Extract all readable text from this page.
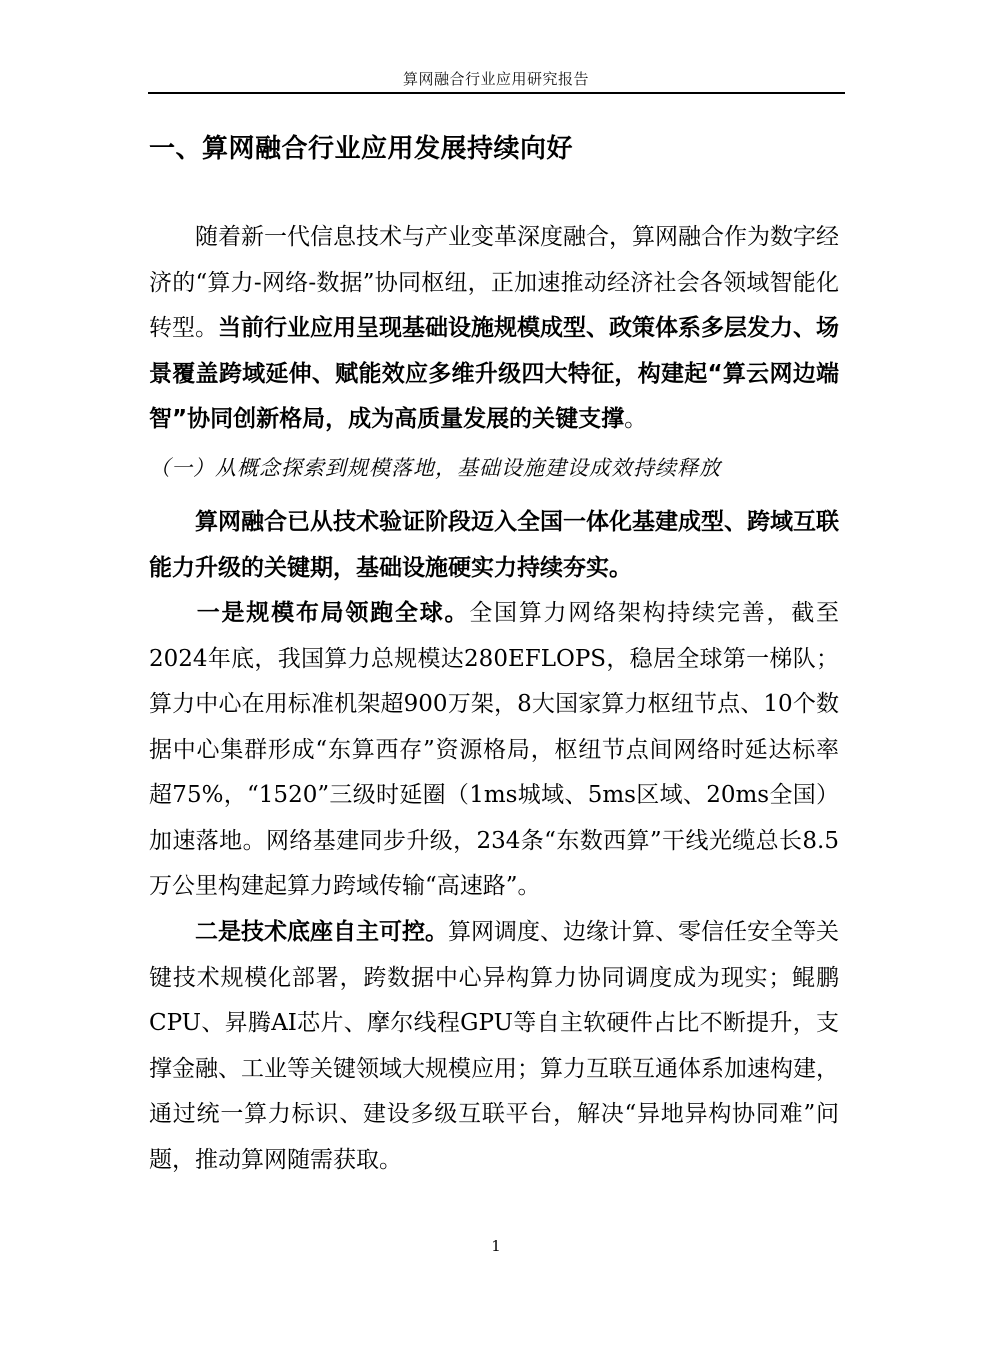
算网融合行业应用研究报告
一、算网融合行业应用发展持续向好

随着新一代信息技术与产业变革深度融合，算网融合作为数字经济的“算力-网络-数据”协同枢纽，正加速推动经济社会各领域智能化转型。当前行业应用呈现基础设施规模成型、政策体系多层发力、场景覆盖跨域延伸、赋能效应多维升级四大特征，构建起“算云网边端智”协同创新格局，成为高质量发展的关键支撑。

（一）从概念探索到规模落地，基础设施建设成效持续释放

算网融合已从技术验证阶段迈入全国一体化基建成型、跨域互联能力升级的关键期，基础设施硬实力持续夯实。

一是规模布局领跑全球。全国算力网络架构持续完善，截至2024年底，我国算力总规模达280EFLOPS，稳居全球第一梯队；算力中心在用标准机架超900万架，8大国家算力枢纽节点、10个数据中心集群形成“东算西存”资源格局，枢纽节点间网络时延达标率超75%，“1520”三级时延圈（1ms城域、5ms区域、20ms全国）加速落地。网络基建同步升级，234条“东数西算”干线光缆总长8.5万公里构建起算力跨域传输“高速路”。

二是技术底座自主可控。算网调度、边缘计算、零信任安全等关键技术规模化部署，跨数据中心异构算力协同调度成为现实；鲲鹏CPU、昇腾AI芯片、摩尔线程GPU等自主软硬件占比不断提升，支撑金融、工业等关键领域大规模应用；算力互联互通体系加速构建，通过统一算力标识、建设多级互联平台，解决“异地异构协同难”问题，推动算网随需获取。

1
